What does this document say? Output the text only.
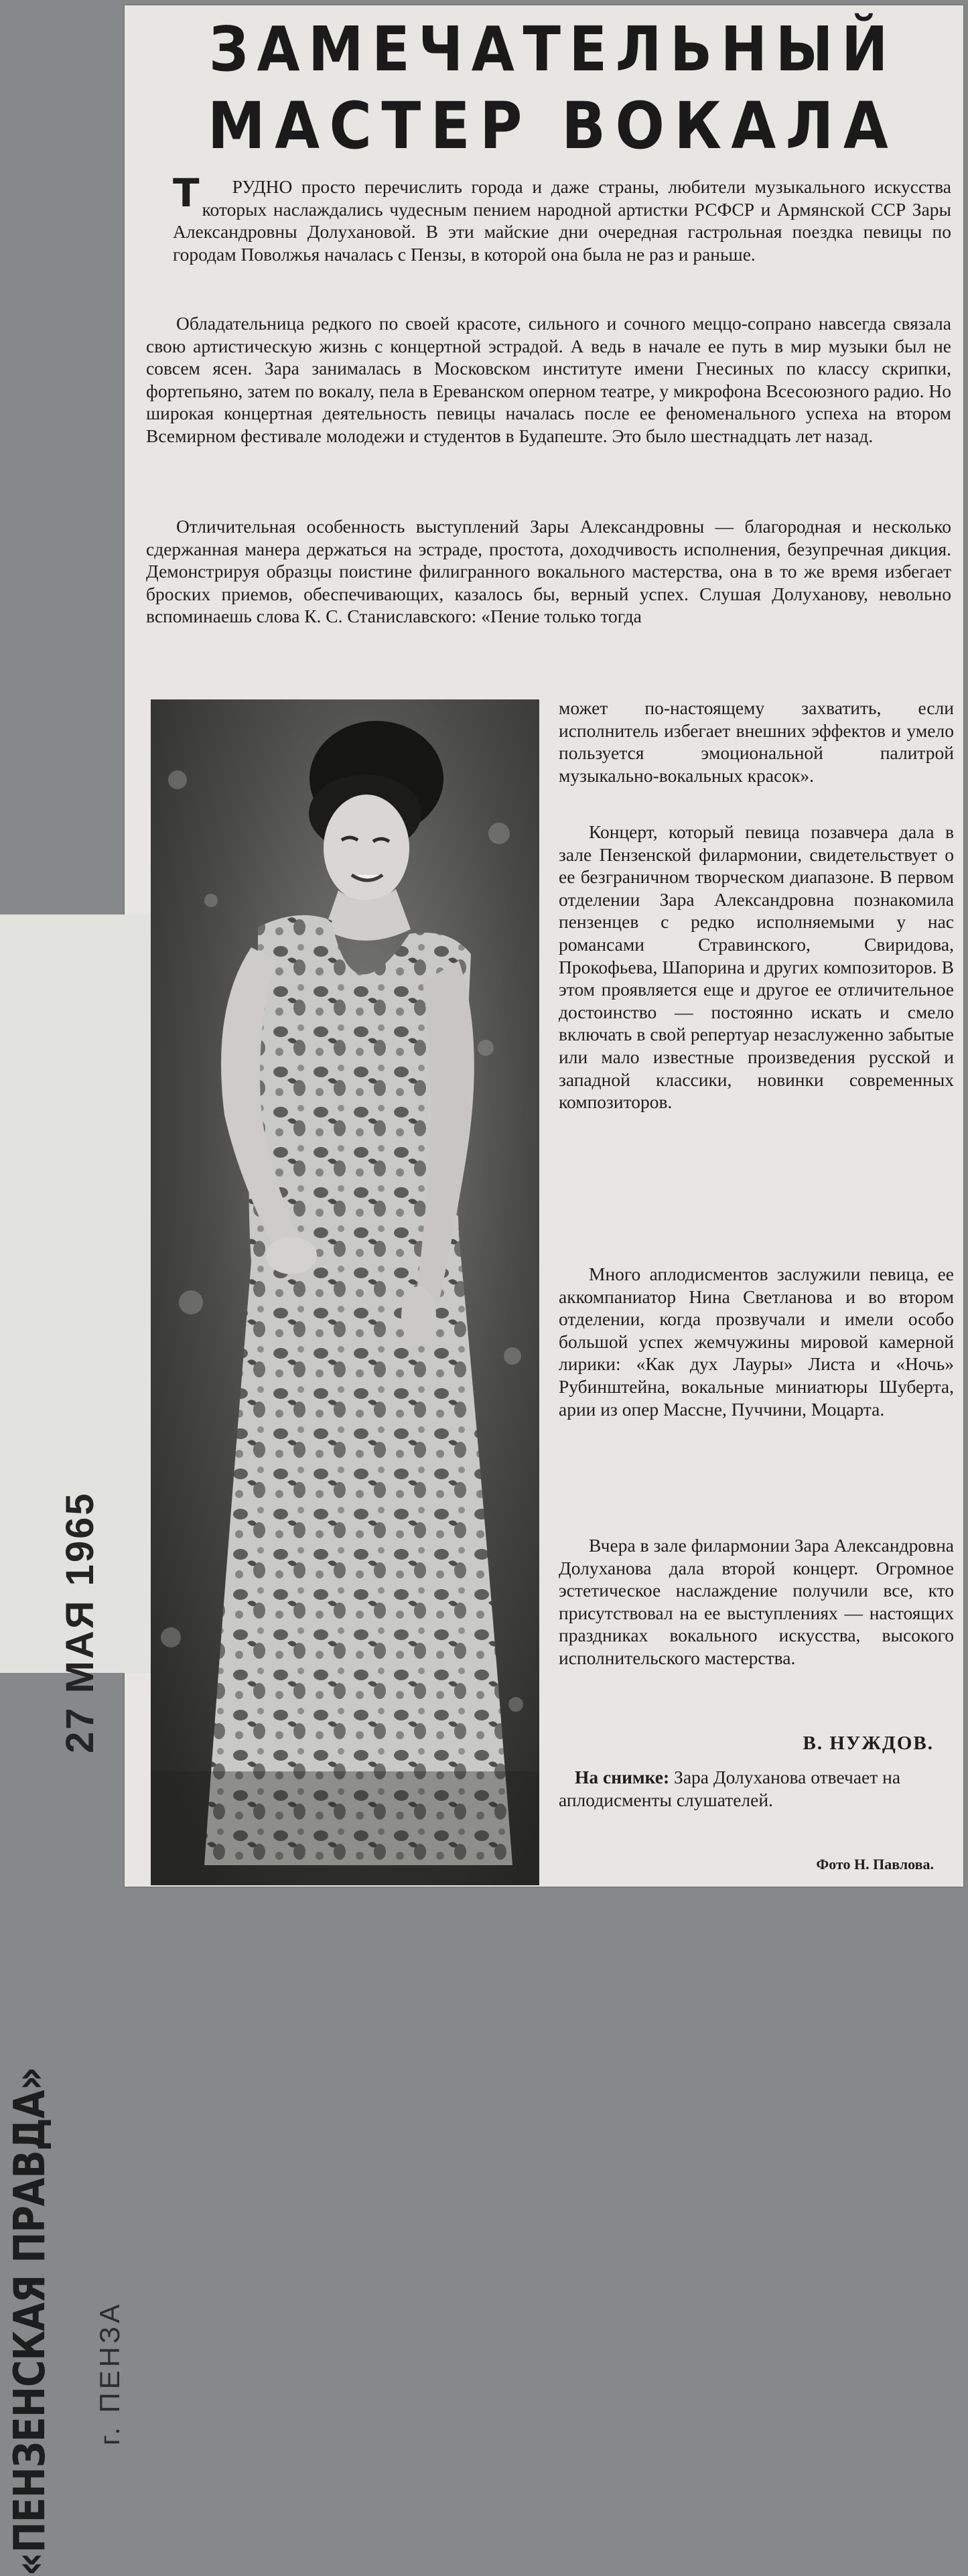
27 МАЯ 1965
«ПЕНЗЕНСКАЯ ПРАВДА» г. ПЕНЗА
ЗАМЕЧАТЕЛЬНЫЙ
МАСТЕР ВОКАЛА

Т РУДНО просто перечислить города и даже страны, любители музыкального искусства которых наслаждались чудесным пением народной артистки РСФСР и Армянской ССР Зары Александровны Долухановой. В эти майские дни очередная гастрольная поездка певицы по городам Поволжья началась с Пензы, в которой она была не раз и раньше.

Обладательница редкого по своей красоте, сильного и сочного меццо-сопрано навсегда связала свою артистическую жизнь с концертной эстрадой. А ведь в начале ее путь в мир музыки был не совсем ясен. Зара занималась в Московском институте имени Гнесиных по классу скрипки, фортепьяно, затем по вокалу, пела в Ереванском оперном театре, у микрофона Всесоюзного радио. Но широкая концертная деятельность певицы началась после ее феноменального успеха на втором Всемирном фестивале молодежи и студентов в Будапеште. Это было шестнадцать лет назад.

Отличительная особенность выступлений Зары Александровны — благородная и несколько сдержанная манера держаться на эстраде, простота, доходчивость исполнения, безупречная дикция. Демонстрируя образцы поистине филигранного вокального мастерства, она в то же время избегает броских приемов, обеспечивающих, казалось бы, верный успех. Слушая Долуханову, невольно вспоминаешь слова К. С. Станиславского: «Пение только тогда

может по-настоящему захватить, если исполнитель избегает внешних эффектов и умело пользуется эмоциональной палитрой музыкально-вокальных красок».

Концерт, который певица позавчера дала в зале Пензенской филармонии, свидетельствует о ее безграничном творческом диапазоне. В первом отделении Зара Александровна познакомила пензенцев с редко исполняемыми у нас романсами Стравинского, Свиридова, Прокофьева, Шапорина и других композиторов. В этом проявляется еще и другое ее отличительное достоинство — постоянно искать и смело включать в свой репертуар незаслуженно забытые или мало известные произведения русской и западной классики, новинки современных композиторов.

Много аплодисментов заслужили певица, ее аккомпаниатор Нина Светланова и во втором отделении, когда прозвучали и имели особо большой успех жемчужины мировой камерной лирики: «Как дух Лауры» Листа и «Ночь» Рубинштейна, вокальные миниатюры Шуберта, арии из опер Массне, Пуччини, Моцарта.

Вчера в зале филармонии Зара Александровна Долуханова дала второй концерт. Огромное эстетическое наслаждение получили все, кто присутствовал на ее выступлениях — настоящих праздниках вокального искусства, высокого исполнительского мастерства.

В. НУЖДОВ.

На снимке: Зара Долуханова отвечает на аплодисменты слушателей.

Фото Н. Павлова.
